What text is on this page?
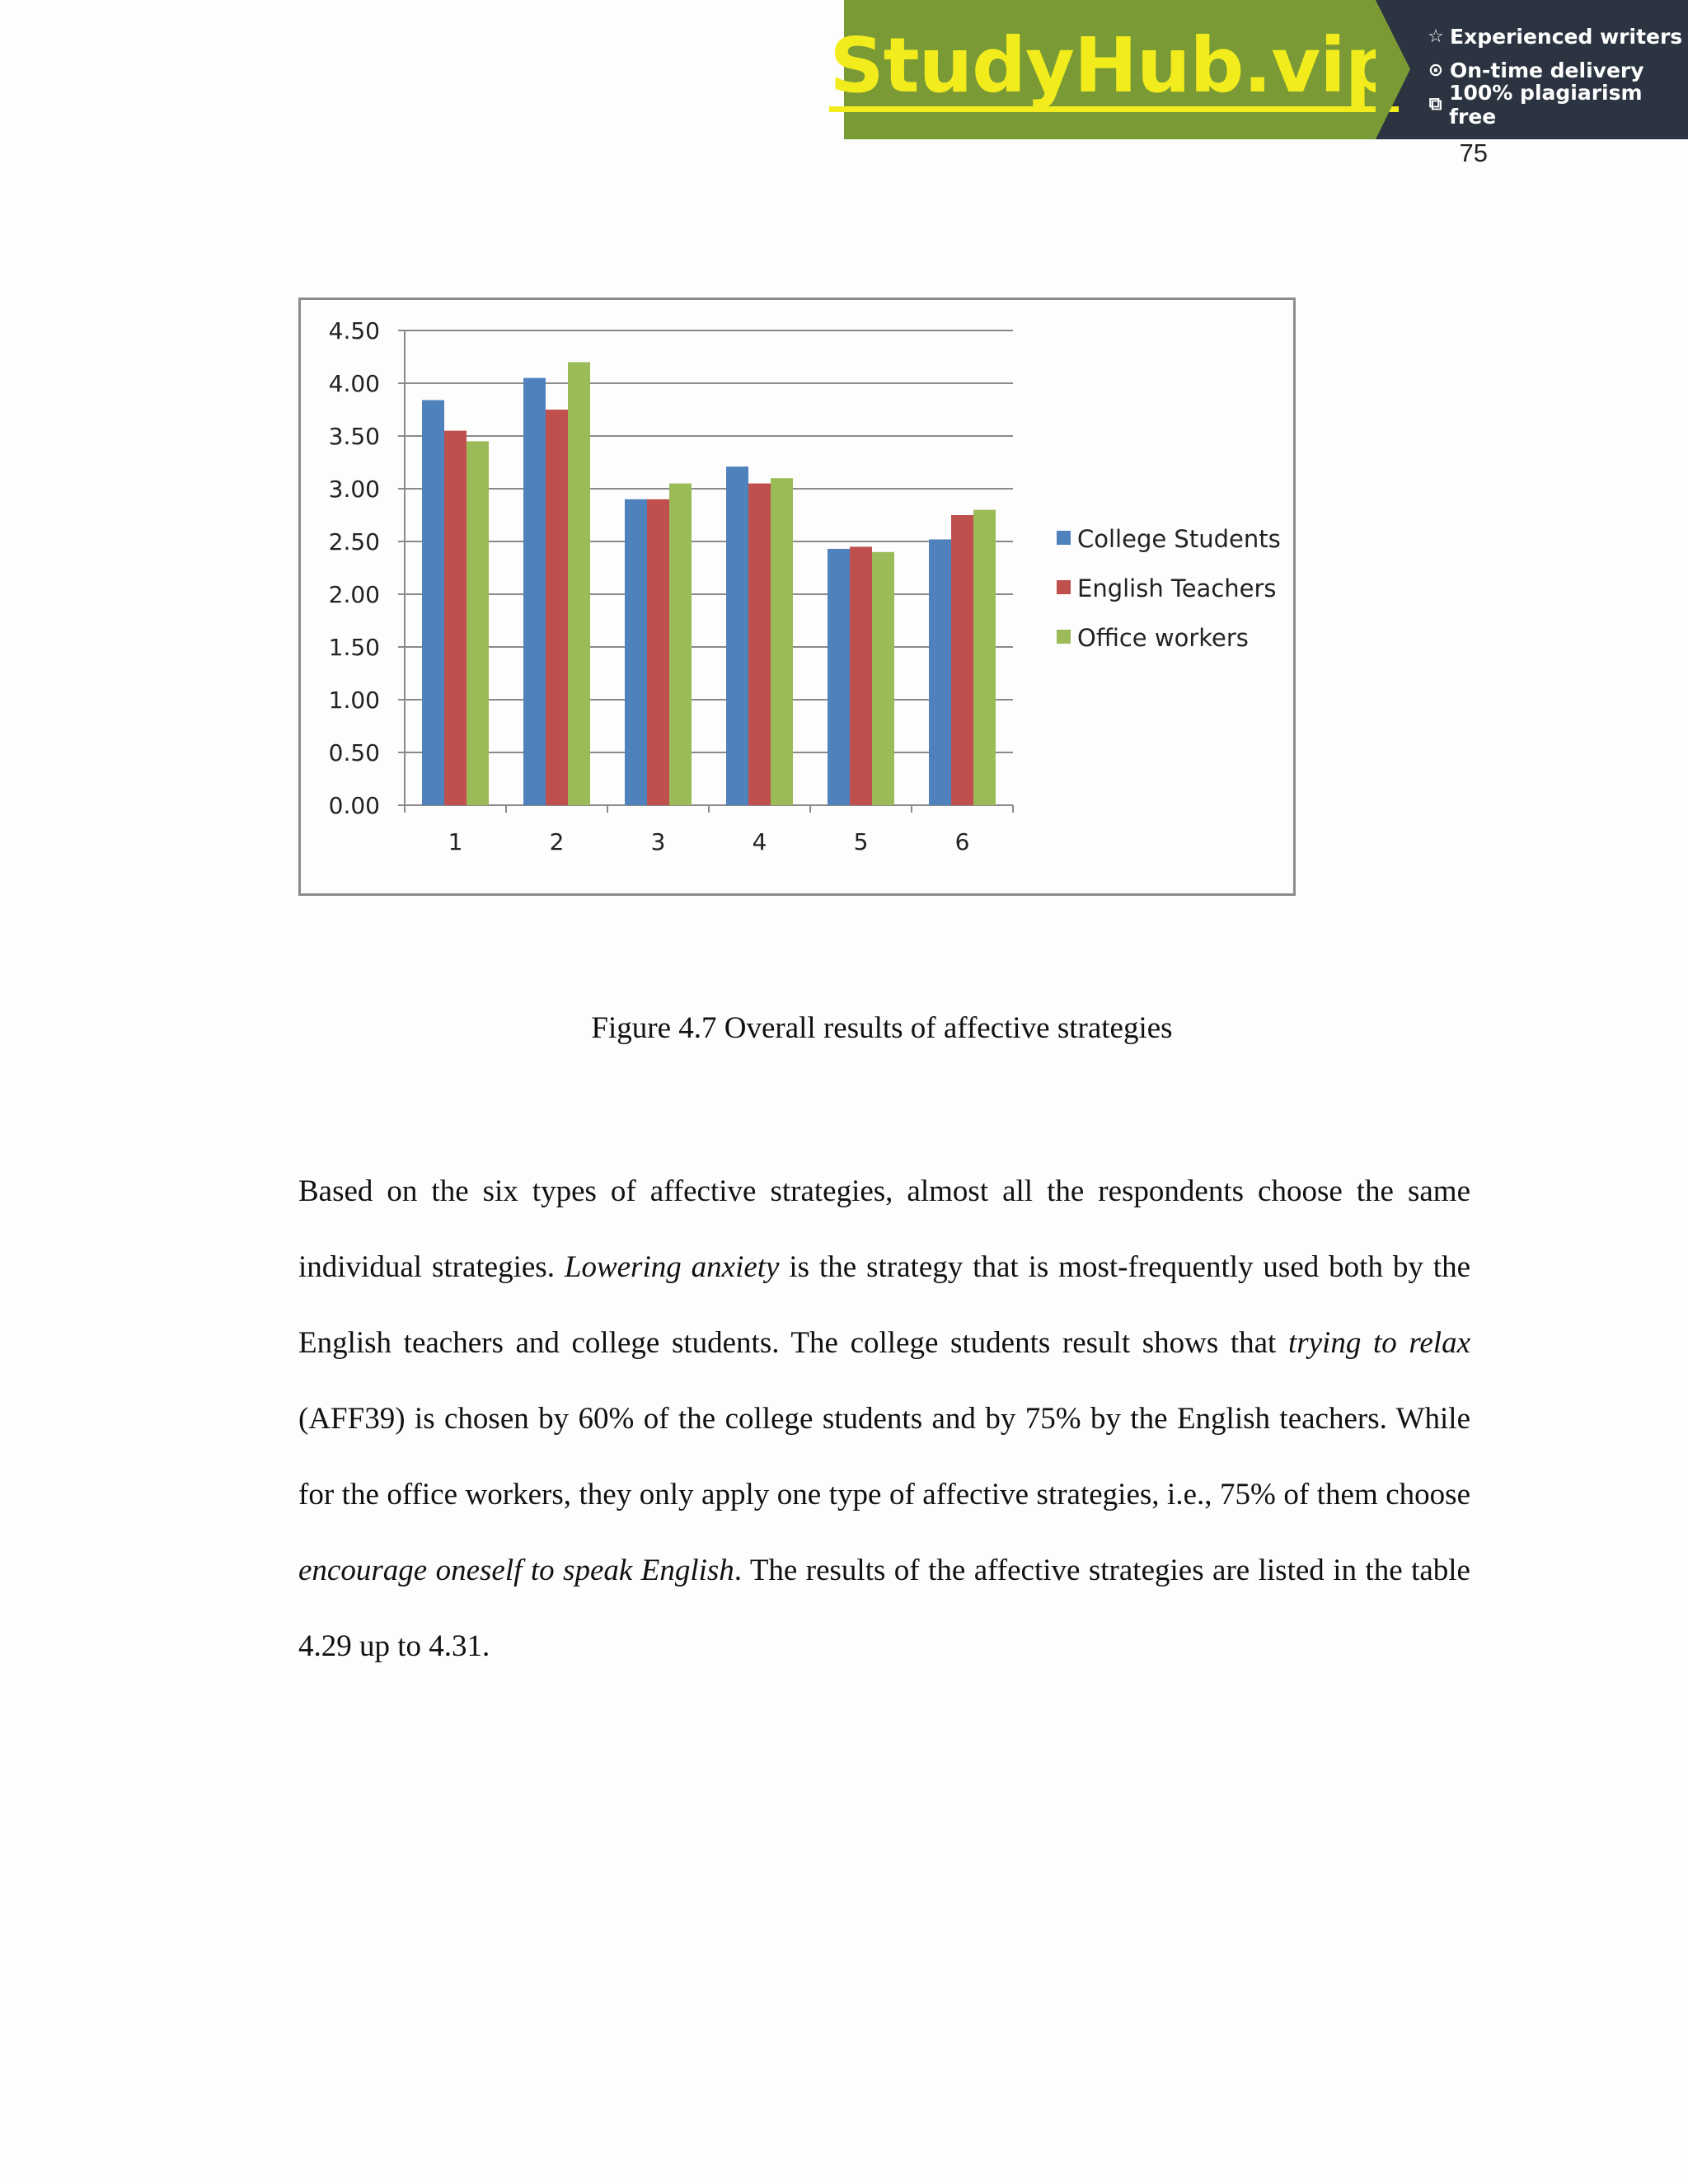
StudyHub.vip ☆ Experienced writers
⊙ On-time delivery
⧉ 100% plagiarism free
75
0.00
0.50
1.00
1.50
2.00
2.50
3.00
3.50
4.00
4.50
1	2	3	4	5	6
College Students
English Teachers
Office workers
Figure 4.7 Overall results of affective strategies

Based on the six types of affective strategies, almost all the respondents choose the same individual strategies. Lowering anxiety is the strategy that is most-frequently used both by the English teachers and college students. The college students result shows that trying to relax (AFF39) is chosen by 60% of the college students and by 75% by the English teachers. While for the office workers, they only apply one type of affective strategies, i.e., 75% of them choose encourage oneself to speak English. The results of the affective strategies are listed in the table 4.29 up to 4.31.
